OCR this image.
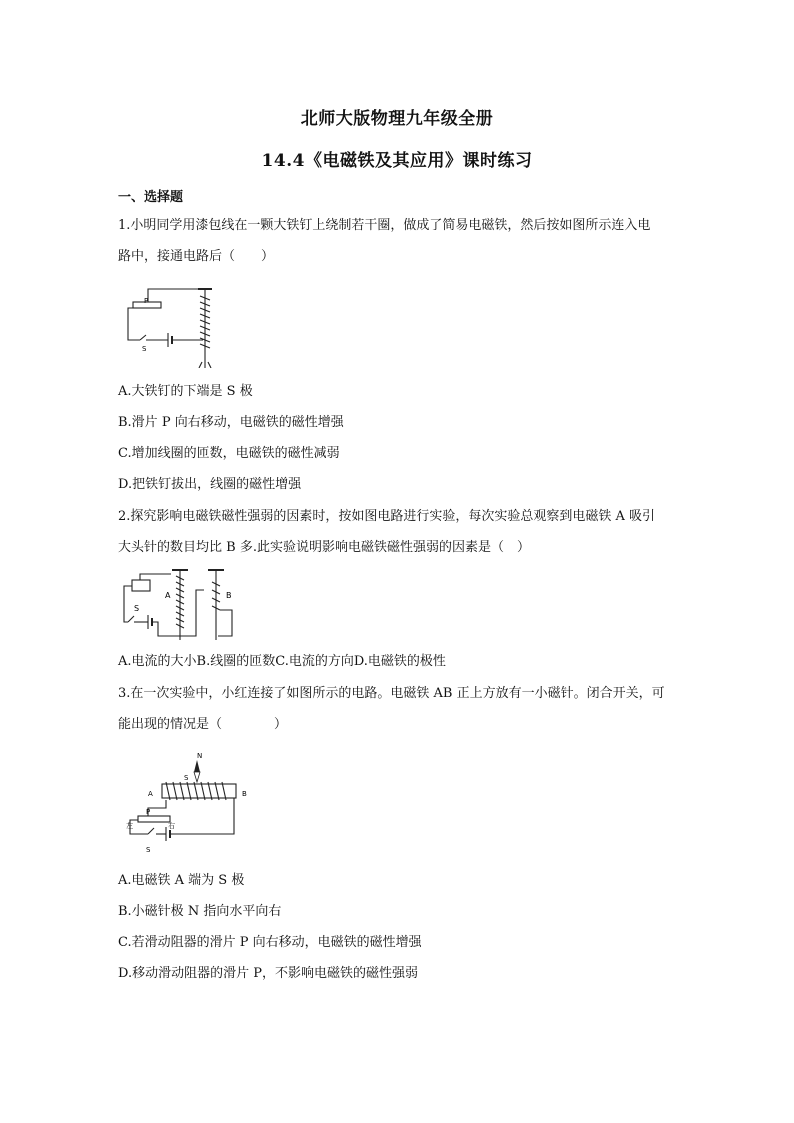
北师大版物理九年级全册
14.4《电磁铁及其应用》课时练习
一、选择题
1.小明同学用漆包线在一颗大铁钉上绕制若干圈，做成了简易电磁铁，然后按如图所示连入电
路中，接通电路后（　　）
P
S
A.大铁钉的下端是 S 极
B.滑片 P 向右移动，电磁铁的磁性增强
C.增加线圈的匝数，电磁铁的磁性减弱
D.把铁钉拔出，线圈的磁性增强
2.探究影响电磁铁磁性强弱的因素时，按如图电路进行实验，每次实验总观察到电磁铁 A 吸引
大头针的数目均比 B 多.此实验说明影响电磁铁磁性强弱的因素是（　）
A	B
S
A.电流的大小B.线圈的匝数C.电流的方向D.电磁铁的极性
3.在一次实验中，小红连接了如图所示的电路。电磁铁 AB 正上方放有一小磁针。闭合开关，可
能出现的情况是（　　　　）
N
S
A	B
P
左	右
S
A.电磁铁 A 端为 S 极
B.小磁针极 N 指向水平向右
C.若滑动阻器的滑片 P 向右移动，电磁铁的磁性增强
D.移动滑动阻器的滑片 P，不影响电磁铁的磁性强弱
